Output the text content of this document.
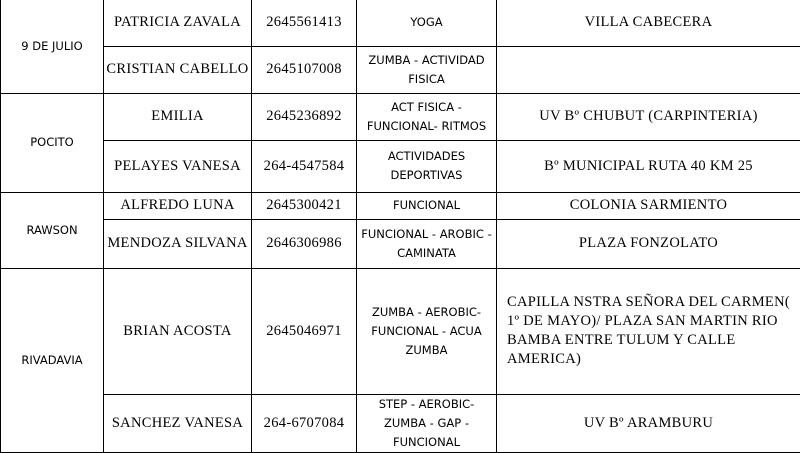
9 DE JULIO	PATRICIA ZAVALA	2645561413	YOGA	VILLA CABECERA
	CRISTIAN CABELLO	2645107008	ZUMBA - ACTIVIDAD FISICA	
POCITO	EMILIA	2645236892	ACT FISICA - FUNCIONAL- RITMOS	UV Bº CHUBUT (CARPINTERIA)
	PELAYES VANESA	264-4547584	ACTIVIDADES DEPORTIVAS	Bº MUNICIPAL RUTA 40 KM 25
RAWSON	ALFREDO LUNA	2645300421	FUNCIONAL	COLONIA SARMIENTO
	MENDOZA SILVANA	2646306986	FUNCIONAL - AROBIC - CAMINATA	PLAZA FONZOLATO
RIVADAVIA	BRIAN ACOSTA	2645046971	ZUMBA - AEROBIC- FUNCIONAL - ACUA ZUMBA	CAPILLA NSTRA SEÑORA DEL CARMEN( 1º DE MAYO)/ PLAZA SAN MARTIN RIO BAMBA ENTRE TULUM Y CALLE AMERICA)
	SANCHEZ VANESA	264-6707084	STEP - AEROBIC- ZUMBA - GAP - FUNCIONAL	UV Bº ARAMBURU
